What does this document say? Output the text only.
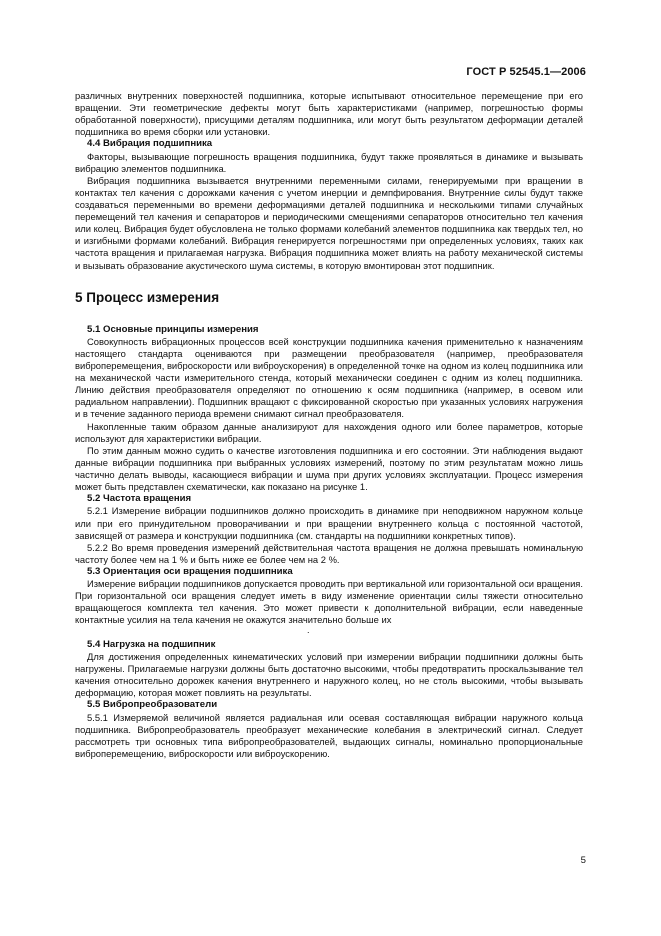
ГОСТ Р 52545.1—2006

различных внутренних поверхностей подшипника, которые испытывают относительное перемещение при его вращении. Эти геометрические дефекты могут быть характеристиками (например, погрешностью формы обработанной поверхности), присущими деталям подшипника, или могут быть результатом деформации деталей подшипника во время сборки или установки.

4.4 Вибрация подшипника

Факторы, вызывающие погрешность вращения подшипника, будут также проявляться в динамике и вызывать вибрацию элементов подшипника.

Вибрация подшипника вызывается внутренними переменными силами, генерируемыми при вращении в контактах тел качения с дорожками качения с учетом инерции и демпфирования. Внутренние силы будут также создаваться переменными во времени деформациями деталей подшипника и несколькими типами случайных перемещений тел качения и сепараторов и периодическими смещениями сепараторов относительно тел качения или колец. Вибрация будет обусловлена не только формами колебаний элементов подшипника как твердых тел, но и изгибными формами колебаний. Вибрация генерируется погрешностями при определенных условиях, таких как частота вращения и прилагаемая нагрузка. Вибрация подшипника может влиять на работу механической системы и вызывать образование акустического шума системы, в которую вмонтирован этот подшипник.

5 Процесс измерения
5.1 Основные принципы измерения

Совокупность вибрационных процессов всей конструкции подшипника качения применительно к назначениям настоящего стандарта оцениваются при размещении преобразователя (например, преобразователя виброперемещения, виброскорости или виброускорения) в определенной точке на одном из колец подшипника или на механической части измерительного стенда, который механически соединен с одним из колец подшипника. Линию действия преобразователя определяют по отношению к осям подшипника (например, в осевом или радиальном направлении). Подшипник вращают с фиксированной скоростью при указанных условиях нагружения и в течение заданного периода времени снимают сигнал преобразователя.

Накопленные таким образом данные анализируют для нахождения одного или более параметров, которые используют для характеристики вибрации.

По этим данным можно судить о качестве изготовления подшипника и его состоянии. Эти наблюдения выдают данные вибрации подшипника при выбранных условиях измерений, поэтому по этим результатам можно лишь частично делать выводы, касающиеся вибрации и шума при других условиях эксплуатации. Процесс измерения может быть представлен схематически, как показано на рисунке 1.

5.2 Частота вращения

5.2.1 Измерение вибрации подшипников должно происходить в динамике при неподвижном наружном кольце или при его принудительном проворачивании и при вращении внутреннего кольца с постоянной частотой, зависящей от размера и конструкции подшипника (см. стандарты на подшипники конкретных типов).

5.2.2 Во время проведения измерений действительная частота вращения не должна превышать номинальную частоту более чем на 1 % и быть ниже ее более чем на 2 %.

5.3 Ориентация оси вращения подшипника

Измерение вибрации подшипников допускается проводить при вертикальной или горизонтальной оси вращения. При горизонтальной оси вращения следует иметь в виду изменение ориентации силы тяжести относительно вращающегося комплекта тел качения. Это может привести к дополнительной вибрации, если наведенные контактные усилия на тела качения не окажутся значительно больше их

.
5.4 Нагрузка на подшипник

Для достижения определенных кинематических условий при измерении вибрации подшипники должны быть нагружены. Прилагаемые нагрузки должны быть достаточно высокими, чтобы предотвратить проскальзывание тел качения относительно дорожек качения внутреннего и наружного колец, но не столь высокими, чтобы вызывать деформацию, которая может повлиять на результаты.

5.5 Вибропреобразователи

5.5.1 Измеряемой величиной является радиальная или осевая составляющая вибрации наружного кольца подшипника. Вибропреобразователь преобразует механические колебания в электрический сигнал. Следует рассмотреть три основных типа вибропреобразователей, выдающих сигналы, номинально пропорциональные виброперемещению, виброскорости или виброускорению.

5
